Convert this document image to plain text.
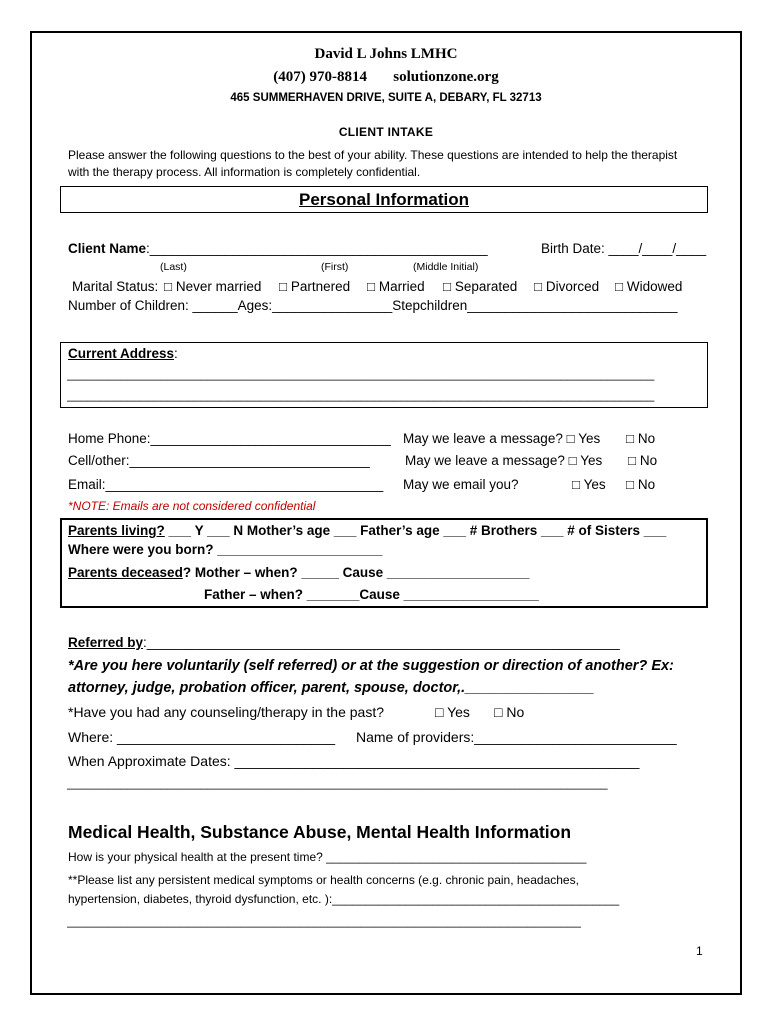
David L Johns LMHC
(407) 970-8814 solutionzone.org
465 SUMMERHAVEN DRIVE, SUITE A, DEBARY, FL 32713
CLIENT INTAKE
Please answer the following questions to the best of your ability. These questions are intended to help the therapist with the therapy process. All information is completely confidential.
Personal Information
Client Name:_____________________________________________	Birth Date: ____/____/____
(Last)	(First)	(Middle Initial)
Marital Status: □ Never married □ Partnered □ Married □ Separated □ Divorced □ Widowed
Number of Children: ______Ages:________________Stepchildren____________________________
Current Address:
________________________________________________________________________________________
________________________________________________________________________________________
Home Phone:________________________________ May we leave a message? □ Yes □ No
Cell/other:________________________________	May we leave a message? □ Yes □ No
Email:_____________________________________ May we email you?	□ Yes □ No
*NOTE: Emails are not considered confidential
Parents living? ___ Y ___ N Mother’s age ___ Father’s age ___ # Brothers ___ # of Sisters ___
Where were you born? ______________________
Parents deceased? Mother – when? _____ Cause ___________________
Father – when? _______Cause __________________
Referred by:_______________________________________________________________
*Are you here voluntarily (self referred) or at the suggestion or direction of another? Ex:
attorney, judge, probation officer, parent, spouse, doctor,.________________
*Have you had any counseling/therapy in the past?	□ Yes □ No
Where: ____________________________ Name of providers:__________________________
When Approximate Dates: ____________________________________________________
_________________________________________________________________________________
Medical Health, Substance Abuse, Mental Health Information
How is your physical health at the present time? _______________________________________
**Please list any persistent medical symptoms or health concerns (e.g. chronic pain, headaches,
hypertension, diabetes, thyroid dysfunction, etc. ):___________________________________________
_____________________________________________________________________________
1
